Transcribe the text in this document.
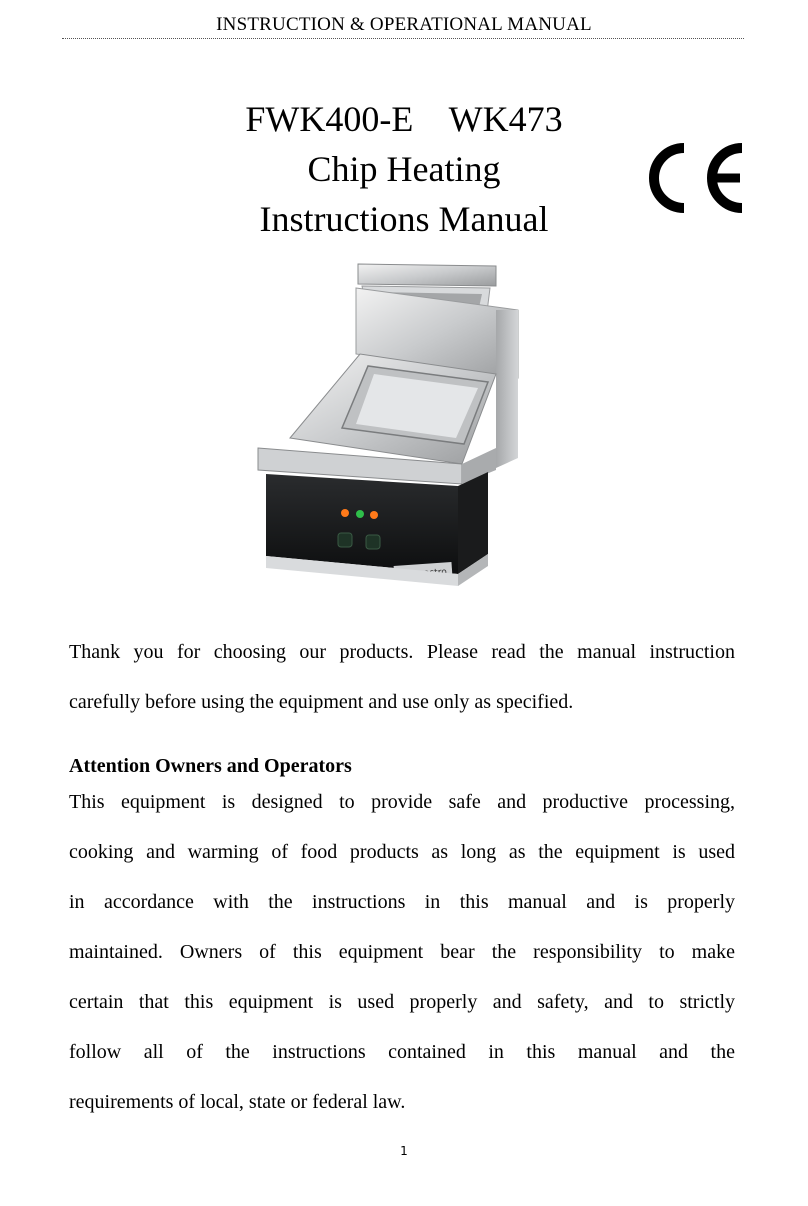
INSTRUCTION & OPERATIONAL MANUAL
FWK400-E    WK473
Chip Heating
Instructions Manual
Thank you for choosing our products. Please read the manual instruction
carefully before using the equipment and use only as specified.
Attention Owners and Operators
This equipment is designed to provide safe and productive processing,
cooking and warming of food products as long as the equipment is used
in accordance with the instructions in this manual and is properly
maintained. Owners of this equipment bear the responsibility to make
certain that this equipment is used properly and safety, and to strictly
follow all of the instructions contained in this manual and the
requirements of local, state or federal law.
1
